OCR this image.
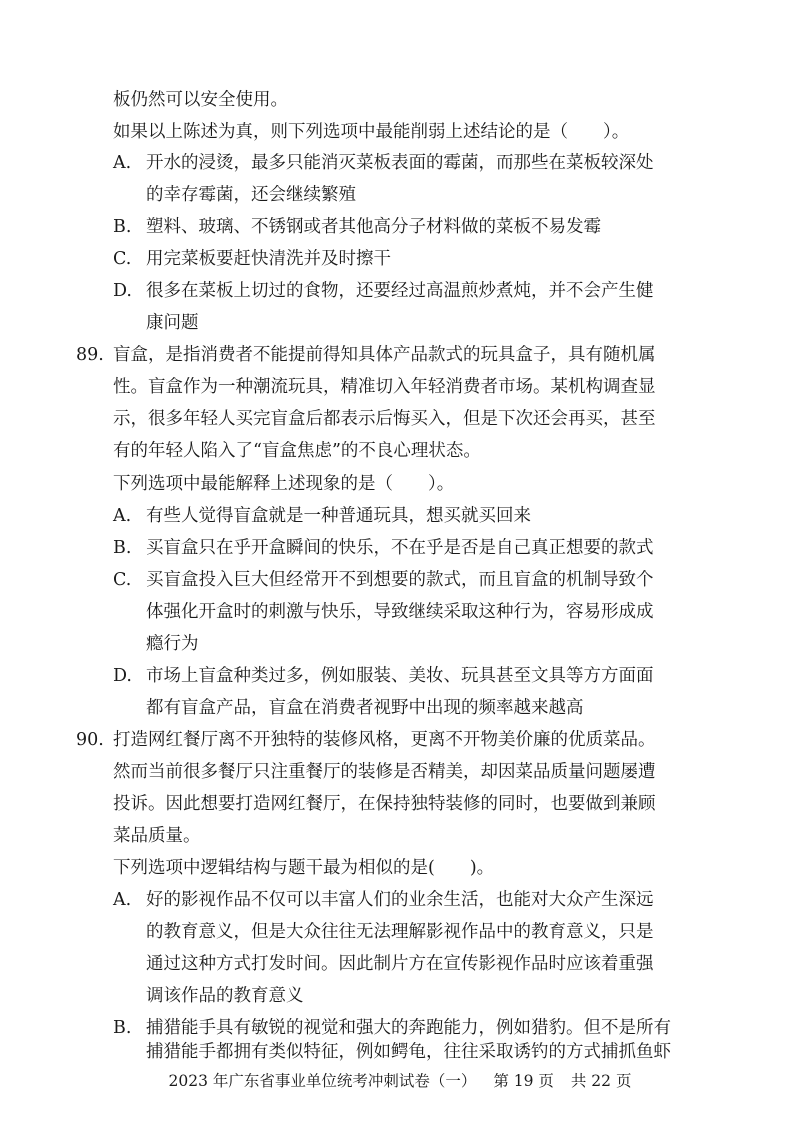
板仍然可以安全使用。
如果以上陈述为真，则下列选项中最能削弱上述结论的是（　　）。
A. 开水的浸烫，最多只能消灭菜板表面的霉菌，而那些在菜板较深处
的幸存霉菌，还会继续繁殖
B. 塑料、玻璃、不锈钢或者其他高分子材料做的菜板不易发霉
C. 用完菜板要赶快清洗并及时擦干
D. 很多在菜板上切过的食物，还要经过高温煎炒煮炖，并不会产生健
康问题
89. 盲盒，是指消费者不能提前得知具体产品款式的玩具盒子，具有随机属
性。盲盒作为一种潮流玩具，精准切入年轻消费者市场。某机构调查显
示，很多年轻人买完盲盒后都表示后悔买入，但是下次还会再买，甚至
有的年轻人陷入了“盲盒焦虑”的不良心理状态。
下列选项中最能解释上述现象的是（　　）。
A. 有些人觉得盲盒就是一种普通玩具，想买就买回来
B. 买盲盒只在乎开盒瞬间的快乐，不在乎是否是自己真正想要的款式
C. 买盲盒投入巨大但经常开不到想要的款式，而且盲盒的机制导致个
体强化开盒时的刺激与快乐，导致继续采取这种行为，容易形成成
瘾行为
D. 市场上盲盒种类过多，例如服装、美妆、玩具甚至文具等方方面面
都有盲盒产品，盲盒在消费者视野中出现的频率越来越高
90. 打造网红餐厅离不开独特的装修风格，更离不开物美价廉的优质菜品。
然而当前很多餐厅只注重餐厅的装修是否精美，却因菜品质量问题屡遭
投诉。因此想要打造网红餐厅，在保持独特装修的同时，也要做到兼顾
菜品质量。
下列选项中逻辑结构与题干最为相似的是(　　)。
A. 好的影视作品不仅可以丰富人们的业余生活，也能对大众产生深远
的教育意义，但是大众往往无法理解影视作品中的教育意义，只是
通过这种方式打发时间。因此制片方在宣传影视作品时应该着重强
调该作品的教育意义
B. 捕猎能手具有敏锐的视觉和强大的奔跑能力，例如猎豹。但不是所有
捕猎能手都拥有类似特征，例如鳄龟，往往采取诱钓的方式捕抓鱼虾
2023 年广东省事业单位统考冲刺试卷（一） 第 19 页 共 22 页
